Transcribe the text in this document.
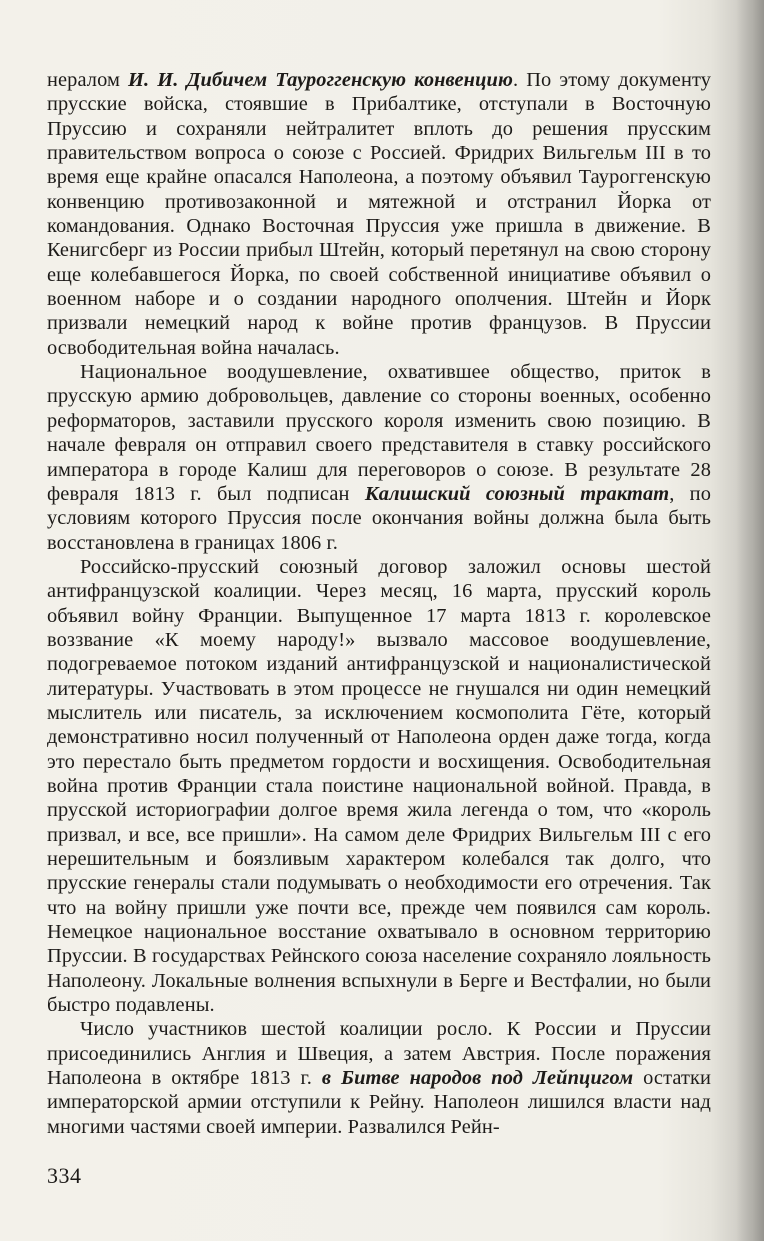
нералом И. И. Дибичем Тауроггенскую конвенцию. По этому документу прусские войска, стоявшие в Прибалтике, отступали в Восточную Пруссию и сохраняли нейтралитет вплоть до решения прусским правительством вопроса о союзе с Россией. Фридрих Вильгельм III в то время еще крайне опасался Наполеона, а поэтому объявил Тауроггенскую конвенцию противозаконной и мятежной и отстранил Йорка от командования. Однако Восточная Пруссия уже пришла в движение. В Кенигсберг из России прибыл Штейн, который перетянул на свою сторону еще колебавшегося Йорка, по своей собственной инициативе объявил о военном наборе и о создании народного ополчения. Штейн и Йорк призвали немецкий народ к войне против французов. В Пруссии освободительная война началась.

Национальное воодушевление, охватившее общество, приток в прусскую армию добровольцев, давление со стороны военных, особенно реформаторов, заставили прусского короля изменить свою позицию. В начале февраля он отправил своего представителя в ставку российского императора в городе Калиш для переговоров о союзе. В результате 28 февраля 1813 г. был подписан Калишский союзный трактат, по условиям которого Пруссия после окончания войны должна была быть восстановлена в границах 1806 г.

Российско-прусский союзный договор заложил основы шестой антифранцузской коалиции. Через месяц, 16 марта, прусский король объявил войну Франции. Выпущенное 17 марта 1813 г. королевское воззвание «К моему народу!» вызвало массовое воодушевление, подогреваемое потоком изданий антифранцузской и националистической литературы. Участвовать в этом процессе не гнушался ни один немецкий мыслитель или писатель, за исключением космополита Гёте, который демонстративно носил полученный от Наполеона орден даже тогда, когда это перестало быть предметом гордости и восхищения. Освободительная война против Франции стала поистине национальной войной. Правда, в прусской историографии долгое время жила легенда о том, что «король призвал, и все, все пришли». На самом деле Фридрих Вильгельм III с его нерешительным и боязливым характером колебался так долго, что прусские генералы стали подумывать о необходимости его отречения. Так что на войну пришли уже почти все, прежде чем появился сам король. Немецкое национальное восстание охватывало в основном территорию Пруссии. В государствах Рейнского союза население сохраняло лояльность Наполеону. Локальные волнения вспыхнули в Берге и Вестфалии, но были быстро подавлены.

Число участников шестой коалиции росло. К России и Пруссии присоединились Англия и Швеция, а затем Австрия. После поражения Наполеона в октябре 1813 г. в Битве народов под Лейпцигом остатки императорской армии отступили к Рейну. Наполеон лишился власти над многими частями своей империи. Развалился Рейн-

334
